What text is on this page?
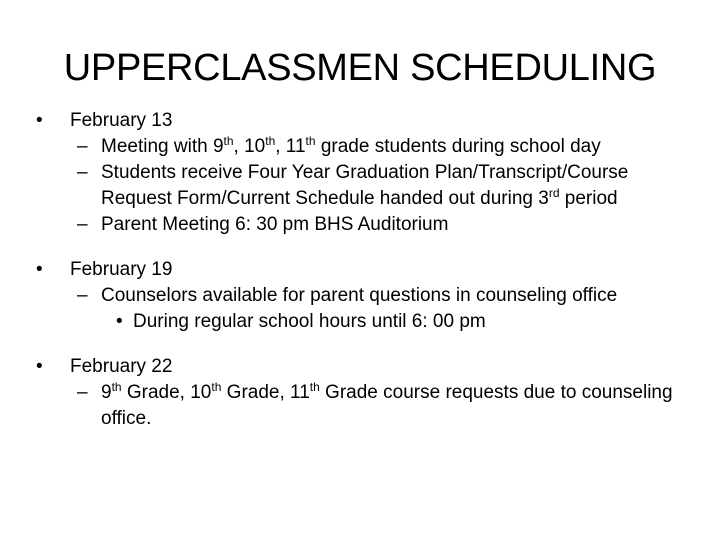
UPPERCLASSMEN SCHEDULING
• February 13
– Meeting with 9th, 10th, 11th grade students during school day
– Students receive Four Year Graduation Plan/Transcript/Course Request Form/Current Schedule handed out during 3rd period
– Parent Meeting 6: 30 pm BHS Auditorium
• February 19
– Counselors available for parent questions in counseling office
• During regular school hours until 6: 00 pm
• February 22
– 9th Grade, 10th Grade, 11th Grade course requests due to counseling office.
